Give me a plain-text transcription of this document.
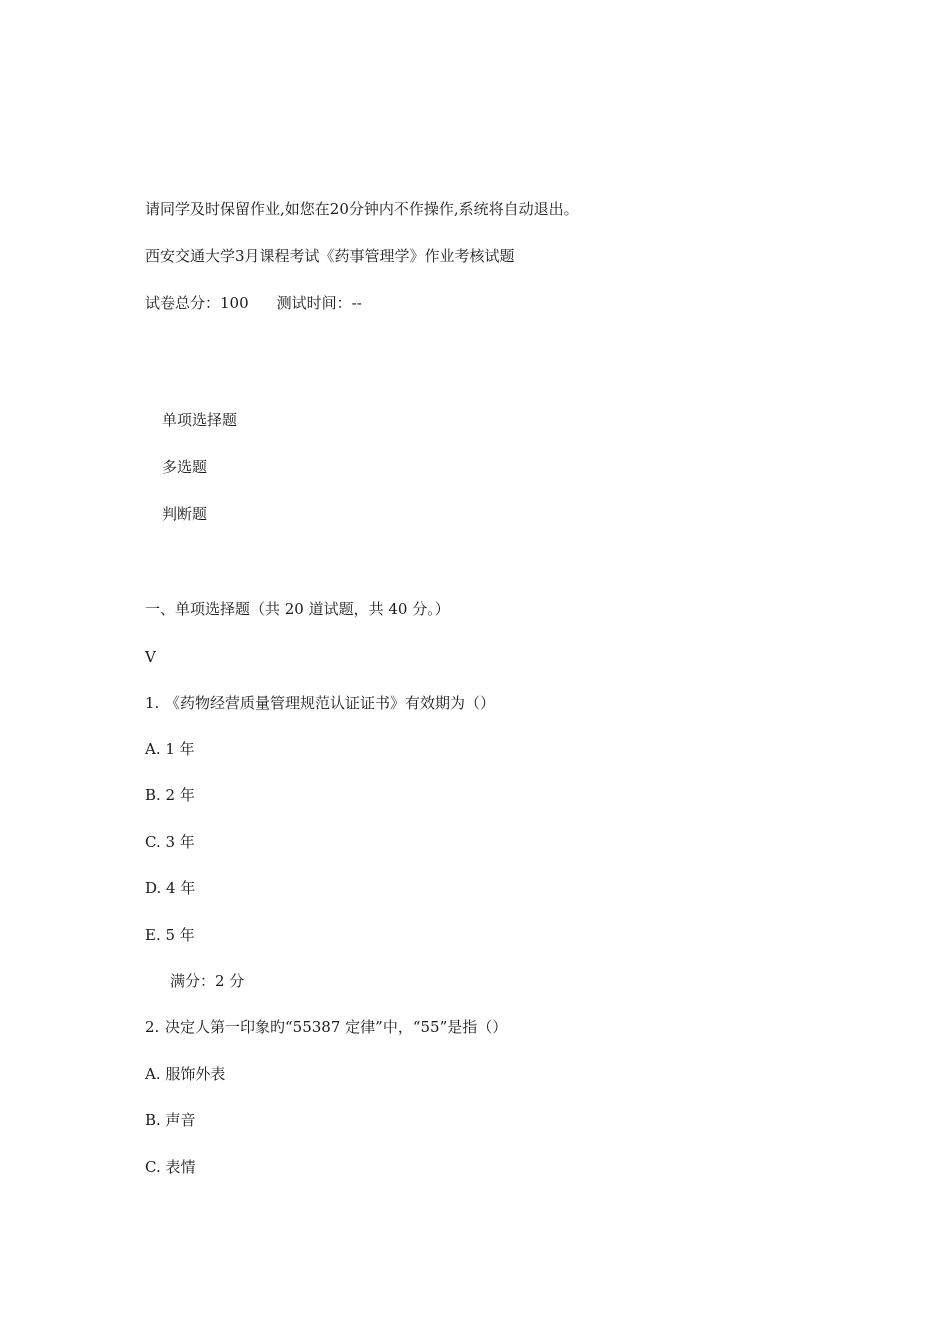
请同学及时保留作业,如您在20分钟内不作操作,系统将自动退出。

西安交通大学3月课程考试《药事管理学》作业考核试题

试卷总分：100 测试时间：--

单项选择题
多选题
判断题

一、单项选择题（共 20 道试题，共 40 分。）

V

1. 《药物经营质量管理规范认证证书》有效期为（）

A. 1 年

B. 2 年

C. 3 年

D. 4 年

E. 5 年

满分：2 分

2. 决定人第一印象旳“55387 定律”中，“55”是指（）

A. 服饰外表

B. 声音

C. 表情
